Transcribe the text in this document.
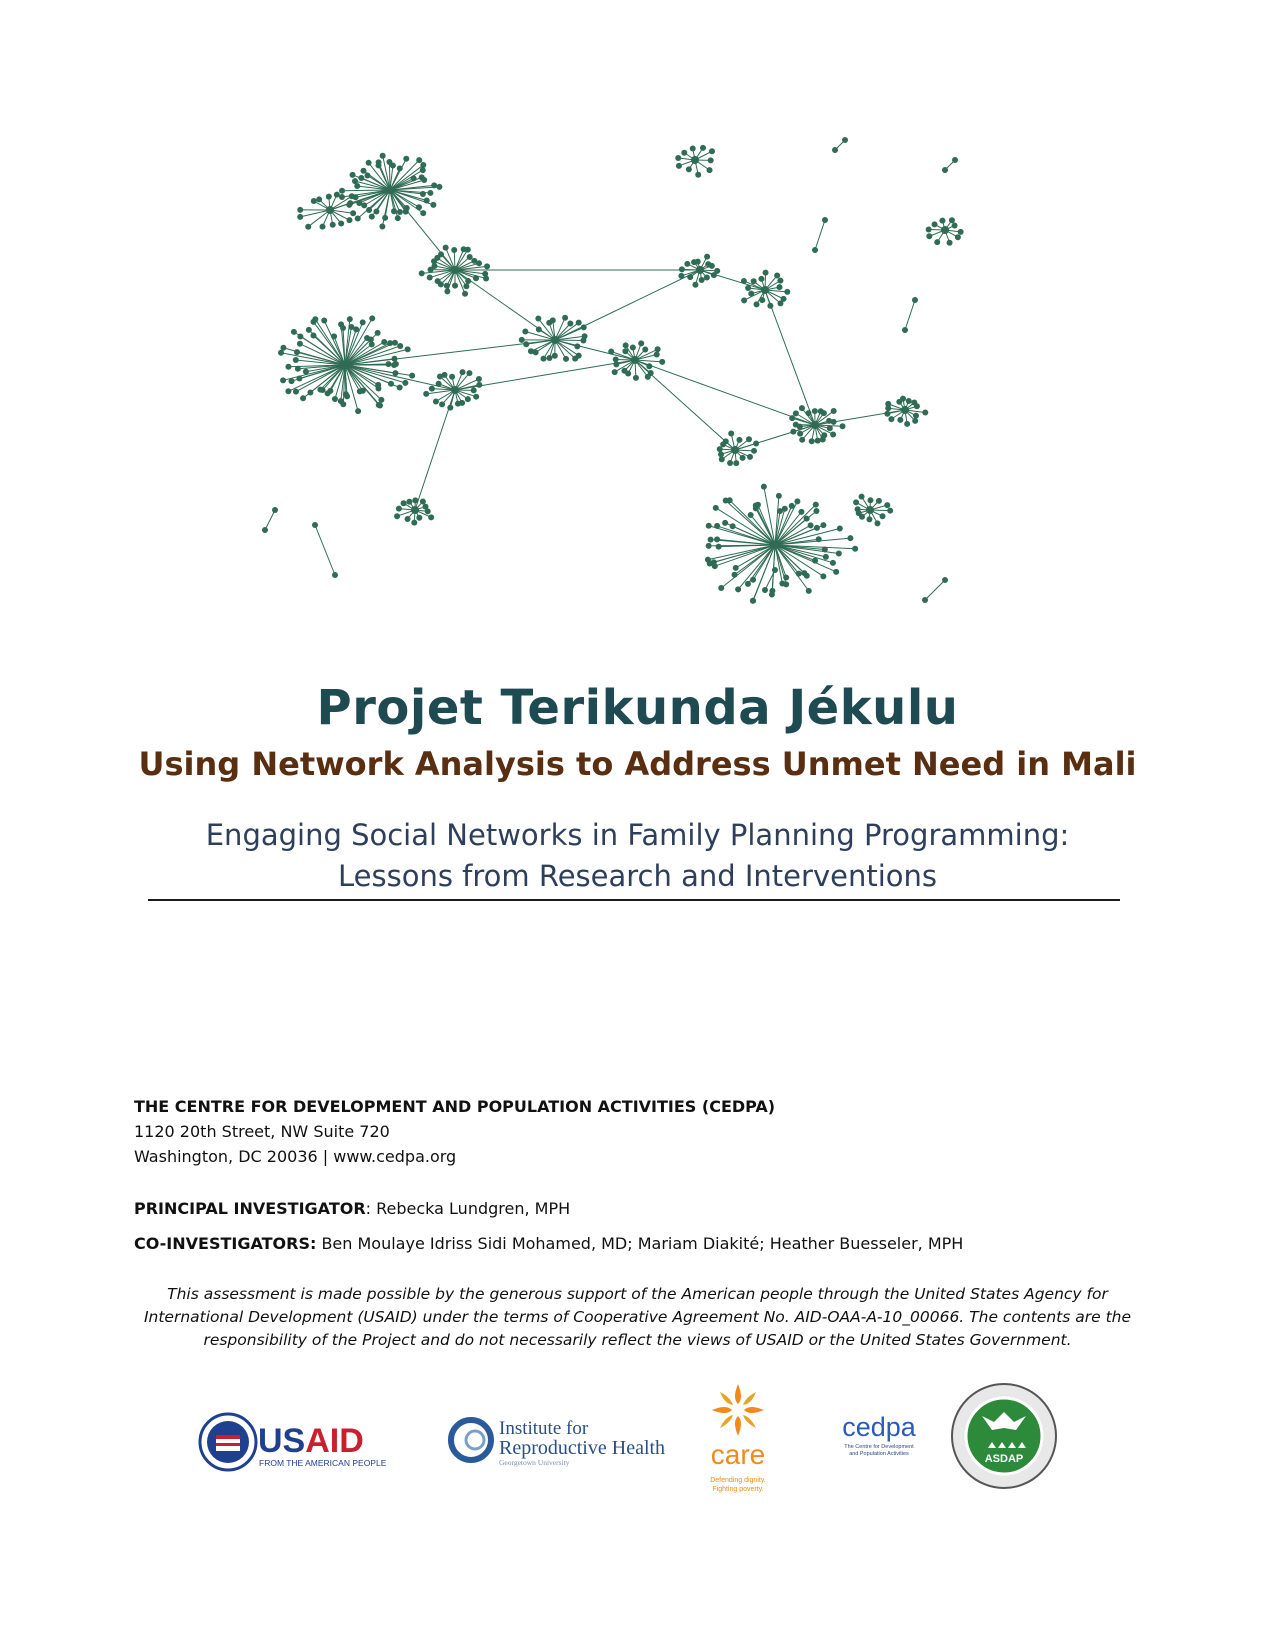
Projet Terikunda Jékulu
Using Network Analysis to Address Unmet Need in Mali
Engaging Social Networks in Family Planning Programming:
Lessons from Research and Interventions
THE CENTRE FOR DEVELOPMENT AND POPULATION ACTIVITIES (CEDPA)
1120 20th Street, NW Suite 720
Washington, DC 20036 | www.cedpa.org
PRINCIPAL INVESTIGATOR: Rebecka Lundgren, MPH
CO-INVESTIGATORS: Ben Moulaye Idriss Sidi Mohamed, MD; Mariam Diakité; Heather Buesseler, MPH
This assessment is made possible by the generous support of the American people through the United States Agency for International Development (USAID) under the terms of Cooperative Agreement No. AID-OAA-A-10_00066. The contents are the responsibility of the Project and do not necessarily reflect the views of USAID or the United States Government.
USAID
FROM THE AMERICAN PEOPLE
Institute for
Reproductive Health
Georgetown University	care
Defending dignity.
Fighting poverty.
cedpa
The Centre for Development
and Population Activities	ASDAP
